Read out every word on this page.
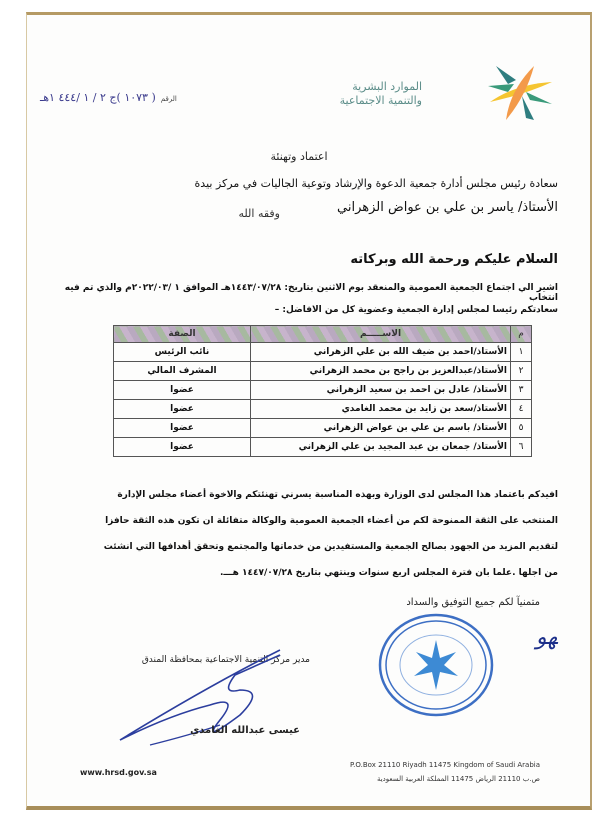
الموارد البشرية
والتنمية الاجتماعية
الرقم ( ١٠٧٣ )ج ٢ / ١ /٤٤٤ ١هـ
اعتماد وتهنئة
سعادة رئيس مجلس أدارة جمعية الدعوة والإرشاد وتوعية الجاليات في مركز بيدة
الأستاذ/ ياسر بن علي بن عواض الزهراني
وفقه الله
السلام عليكم ورحمة الله وبركاته
اشير الي اجتماع الجمعية العمومية والمنعقد بوم الاثنين بتاريخ: ١٤٤٣/٠٧/٢٨هـ الموافق ١ /٢٠٢٢/٠٣م والذي تم فيه انتخاب
سعادتكم رئيسا لمجلس إدارة الجمعية وعضوية كل من الافاضل: –
م	الاســـــم	الصفة
١	الأستاذ/احمد بن ضيف الله بن علي الزهراني	نائب الرئيس
٢	الأستاذ/عبدالعزيز بن راجح بن محمد الزهراني	المشرف المالي
٣	الأستاذ/ عادل بن احمد بن سعيد الزهراني	عضوا
٤	الأستاذ/سعد بن زايد بن محمد الغامدي	عضوا
٥	الأستاذ/ باسم بن علي بن عواض الزهراني	عضوا
٦	الأستاذ/ جمعان بن عبد المجيد بن علي الزهراني	عضوا
افيدكم باعتماد هذا المجلس لدى الوزارة وبهذه المناسبة يسرني تهنئتكم والاخوة أعضاء مجلس الإدارة
المنتخب على الثقة الممنوحة لكم من أعضاء الجمعية العمومية والوكالة متفائلة ان تكون هذه الثقة حافزا
لتقديم المزيد من الجهود بصالح الجمعية والمستفيدين من خدماتها والمجتمع وتحقق أهدافها التي انشئت
من اجلها .علما بان فترة المجلس اربع سنوات وينتهي بتاريخ ١٤٤٧/٠٧/٢٨ هـــ.
متمنيآ لكم جميع التوفيق والسداد
ﻬﻮ
مدير مركز التنمية الاجتماعية بمحافظة المندق
عيسى عبدالله الغامدي
www.hrsd.gov.sa
P.O.Box 21110 Riyadh 11475 Kingdom of Saudi Arabia
ص.ب 21110 الرياض 11475 المملكة العربية السعودية
